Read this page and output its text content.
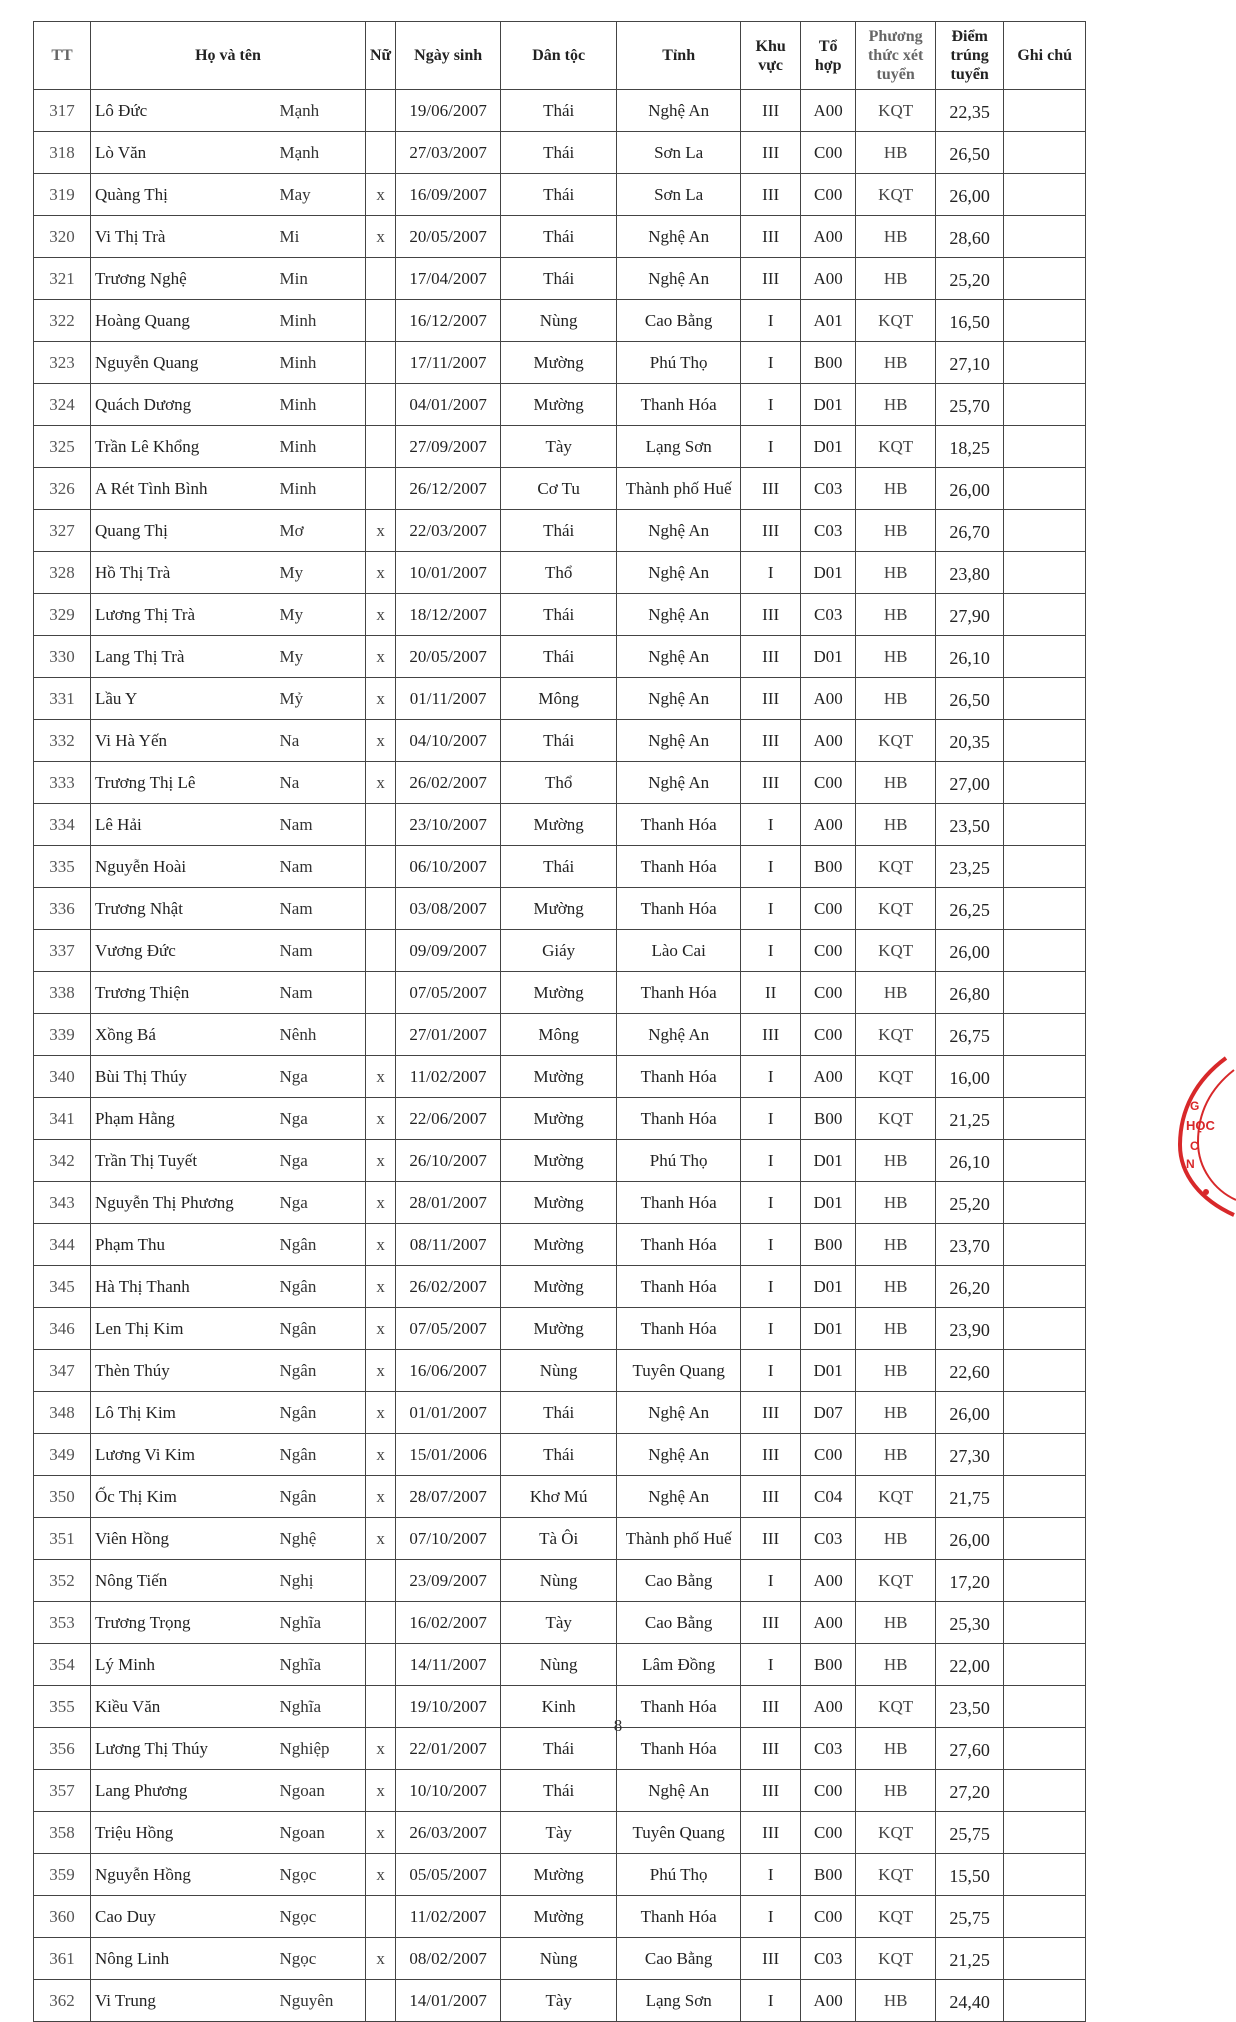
TT	Họ và tên		Nữ	Ngày sinh	Dân tộc	Tỉnh	Khu vực	Tổ hợp	Phương thức xét tuyển	Điểm trúng tuyển	Ghi chú
317	Lô Đức	Mạnh		19/06/2007	Thái	Nghệ An	III	A00	KQT	22,35	
318	Lò Văn	Mạnh		27/03/2007	Thái	Sơn La	III	C00	HB	26,50	
319	Quàng Thị	May	x	16/09/2007	Thái	Sơn La	III	C00	KQT	26,00	
320	Vi Thị Trà	Mi	x	20/05/2007	Thái	Nghệ An	III	A00	HB	28,60	
321	Trương Nghệ	Min		17/04/2007	Thái	Nghệ An	III	A00	HB	25,20	
322	Hoàng Quang	Minh		16/12/2007	Nùng	Cao Bằng	I	A01	KQT	16,50	
323	Nguyễn Quang	Minh		17/11/2007	Mường	Phú Thọ	I	B00	HB	27,10	
324	Quách Dương	Minh		04/01/2007	Mường	Thanh Hóa	I	D01	HB	25,70	
325	Trần Lê Khổng	Minh		27/09/2007	Tày	Lạng Sơn	I	D01	KQT	18,25	
326	A Rét Tình Bình	Minh		26/12/2007	Cơ Tu	Thành phố Huế	III	C03	HB	26,00	
327	Quang Thị	Mơ	x	22/03/2007	Thái	Nghệ An	III	C03	HB	26,70	
328	Hồ Thị Trà	My	x	10/01/2007	Thổ	Nghệ An	I	D01	HB	23,80	
329	Lương Thị Trà	My	x	18/12/2007	Thái	Nghệ An	III	C03	HB	27,90	
330	Lang Thị Trà	My	x	20/05/2007	Thái	Nghệ An	III	D01	HB	26,10	
331	Lầu Y	Mỷ	x	01/11/2007	Mông	Nghệ An	III	A00	HB	26,50	
332	Vi Hà Yến	Na	x	04/10/2007	Thái	Nghệ An	III	A00	KQT	20,35	
333	Trương Thị Lê	Na	x	26/02/2007	Thổ	Nghệ An	III	C00	HB	27,00	
334	Lê Hải	Nam		23/10/2007	Mường	Thanh Hóa	I	A00	HB	23,50	
335	Nguyễn Hoài	Nam		06/10/2007	Thái	Thanh Hóa	I	B00	KQT	23,25	
336	Trương Nhật	Nam		03/08/2007	Mường	Thanh Hóa	I	C00	KQT	26,25	
337	Vương Đức	Nam		09/09/2007	Giáy	Lào Cai	I	C00	KQT	26,00	
338	Trương Thiện	Nam		07/05/2007	Mường	Thanh Hóa	II	C00	HB	26,80	
339	Xồng Bá	Nênh		27/01/2007	Mông	Nghệ An	III	C00	KQT	26,75	
340	Bùi Thị Thúy	Nga	x	11/02/2007	Mường	Thanh Hóa	I	A00	KQT	16,00	
341	Phạm Hằng	Nga	x	22/06/2007	Mường	Thanh Hóa	I	B00	KQT	21,25	
342	Trần Thị Tuyết	Nga	x	26/10/2007	Mường	Phú Thọ	I	D01	HB	26,10	
343	Nguyễn Thị Phương	Nga	x	28/01/2007	Mường	Thanh Hóa	I	D01	HB	25,20	
344	Phạm Thu	Ngân	x	08/11/2007	Mường	Thanh Hóa	I	B00	HB	23,70	
345	Hà Thị Thanh	Ngân	x	26/02/2007	Mường	Thanh Hóa	I	D01	HB	26,20	
346	Len Thị Kim	Ngân	x	07/05/2007	Mường	Thanh Hóa	I	D01	HB	23,90	
347	Thèn Thúy	Ngân	x	16/06/2007	Nùng	Tuyên Quang	I	D01	HB	22,60	
348	Lô Thị Kim	Ngân	x	01/01/2007	Thái	Nghệ An	III	D07	HB	26,00	
349	Lương Vi Kim	Ngân	x	15/01/2006	Thái	Nghệ An	III	C00	HB	27,30	
350	Ốc Thị Kim	Ngân	x	28/07/2007	Khơ Mú	Nghệ An	III	C04	KQT	21,75	
351	Viên Hồng	Nghệ	x	07/10/2007	Tà Ôi	Thành phố Huế	III	C03	HB	26,00	
352	Nông Tiến	Nghị		23/09/2007	Nùng	Cao Bằng	I	A00	KQT	17,20	
353	Trương Trọng	Nghĩa		16/02/2007	Tày	Cao Bằng	III	A00	HB	25,30	
354	Lý Minh	Nghĩa		14/11/2007	Nùng	Lâm Đồng	I	B00	HB	22,00	
355	Kiều Văn	Nghĩa		19/10/2007	Kinh	Thanh Hóa	III	A00	KQT	23,50	
356	Lương Thị Thúy	Nghiệp	x	22/01/2007	Thái	Thanh Hóa	III	C03	HB	27,60	
357	Lang Phương	Ngoan	x	10/10/2007	Thái	Nghệ An	III	C00	HB	27,20	
358	Triệu Hồng	Ngoan	x	26/03/2007	Tày	Tuyên Quang	III	C00	KQT	25,75	
359	Nguyễn Hồng	Ngọc	x	05/05/2007	Mường	Phú Thọ	I	B00	KQT	15,50	
360	Cao Duy	Ngọc		11/02/2007	Mường	Thanh Hóa	I	C00	KQT	25,75	
361	Nông Linh	Ngọc	x	08/02/2007	Nùng	Cao Bằng	III	C03	KQT	21,25	
362	Vi Trung	Nguyên		14/01/2007	Tày	Lạng Sơn	I	A00	HB	24,40	
8
G
HỌC
C
N
